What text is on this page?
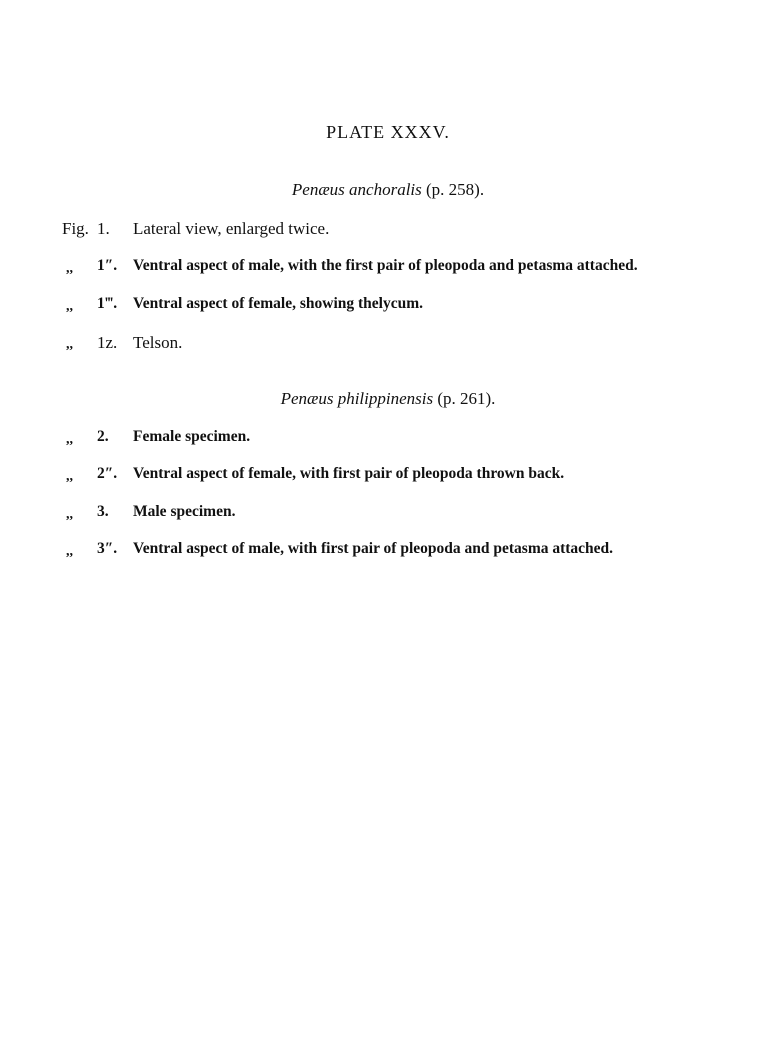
PLATE XXXV.
Penæus anchoralis (p. 258).
Fig. 1. Lateral view, enlarged twice.
,, 1″. Ventral aspect of male, with the first pair of pleopoda and petasma attached.
,, 1‴. Ventral aspect of female, showing thelycum.
,, 1z. Telson.
Penæus philippinensis (p. 261).
,, 2. Female specimen.
,, 2″. Ventral aspect of female, with first pair of pleopoda thrown back.
,, 3. Male specimen.
,, 3″. Ventral aspect of male, with first pair of pleopoda and petasma attached.
